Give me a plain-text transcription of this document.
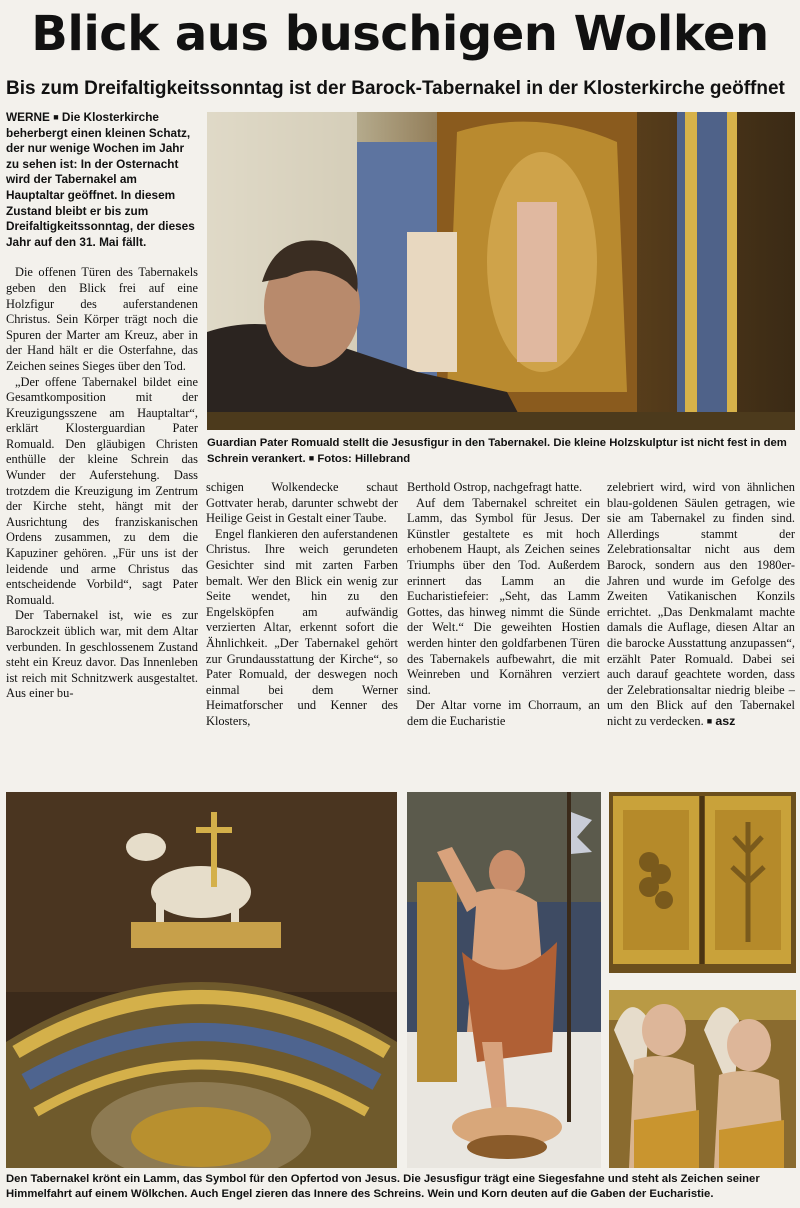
Blick aus buschigen Wolken
Bis zum Dreifaltigkeitssonntag ist der Barock-Tabernakel in der Klosterkirche geöffnet

WERNE ■ Die Klosterkirche beherbergt einen kleinen Schatz, der nur wenige Wochen im Jahr zu sehen ist: In der Osternacht wird der Tabernakel am Hauptaltar geöffnet. In diesem Zustand bleibt er bis zum Dreifaltigkeitssonntag, der dieses Jahr auf den 31. Mai fällt.

Die offenen Türen des Tabernakels geben den Blick frei auf eine Holzfigur des auferstandenen Christus. Sein Körper trägt noch die Spuren der Marter am Kreuz, aber in der Hand hält er die Osterfahne, das Zeichen seines Sieges über den Tod.

„Der offene Tabernakel bildet eine Gesamtkomposition mit der Kreuzigungsszene am Hauptaltar“, erklärt Klosterguardian Pater Romuald. Den gläubigen Christen enthülle der kleine Schrein das Wunder der Auferstehung. Dass trotzdem die Kreuzigung im Zentrum der Kirche steht, hängt mit der Ausrichtung des franziskanischen Ordens zusammen, zu dem die Kapuziner gehören. „Für uns ist der leidende und arme Christus das entscheidende Vorbild“, sagt Pater Romuald.

Der Tabernakel ist, wie es zur Barockzeit üblich war, mit dem Altar verbunden. In geschlossenem Zustand steht ein Kreuz davor. Das Innenleben ist reich mit Schnitzwerk ausgestaltet. Aus einer bu-

Guardian Pater Romuald stellt die Jesusfigur in den Tabernakel. Die kleine Holzskulptur ist nicht fest in dem Schrein verankert. ■ Fotos: Hillebrand

schigen Wolkendecke schaut Gottvater herab, darunter schwebt der Heilige Geist in Gestalt einer Taube.

Engel flankieren den auferstandenen Christus. Ihre weich gerundeten Gesichter sind mit zarten Farben bemalt. Wer den Blick ein wenig zur Seite wendet, hin zu den Engelsköpfen am aufwändig verzierten Altar, erkennt sofort die Ähnlichkeit. „Der Tabernakel gehört zur Grundausstattung der Kirche“, so Pater Romuald, der deswegen noch einmal bei dem Werner Heimatforscher und Kenner des Klosters,

Berthold Ostrop, nachgefragt hatte.

Auf dem Tabernakel schreitet ein Lamm, das Symbol für Jesus. Der Künstler gestaltete es mit hoch erhobenem Haupt, als Zeichen seines Triumphs über den Tod. Außerdem erinnert das Lamm an die Eucharistiefeier: „Seht, das Lamm Gottes, das hinweg nimmt die Sünde der Welt.“ Die geweihten Hostien werden hinter den goldfarbenen Türen des Tabernakels aufbewahrt, die mit Weinreben und Kornähren verziert sind.

Der Altar vorne im Chorraum, an dem die Eucharistie

zelebriert wird, wird von ähnlichen blau-goldenen Säulen getragen, wie sie am Tabernakel zu finden sind. Allerdings stammt der Zelebrationsaltar nicht aus dem Barock, sondern aus den 1980er-Jahren und wurde im Gefolge des Zweiten Vatikanischen Konzils errichtet. „Das Denkmalamt machte damals die Auflage, diesen Altar an die barocke Ausstattung anzupassen“, erzählt Pater Romuald. Dabei sei auch darauf geachtete worden, dass der Zelebrationsaltar niedrig bleibe – um den Blick auf den Tabernakel nicht zu verdecken. ■ asz

Den Tabernakel krönt ein Lamm, das Symbol für den Opfertod von Jesus. Die Jesusfigur trägt eine Siegesfahne und steht als Zeichen seiner Himmelfahrt auf einem Wölkchen. Auch Engel zieren das Innere des Schreins. Wein und Korn deuten auf die Gaben der Eucharistie.
